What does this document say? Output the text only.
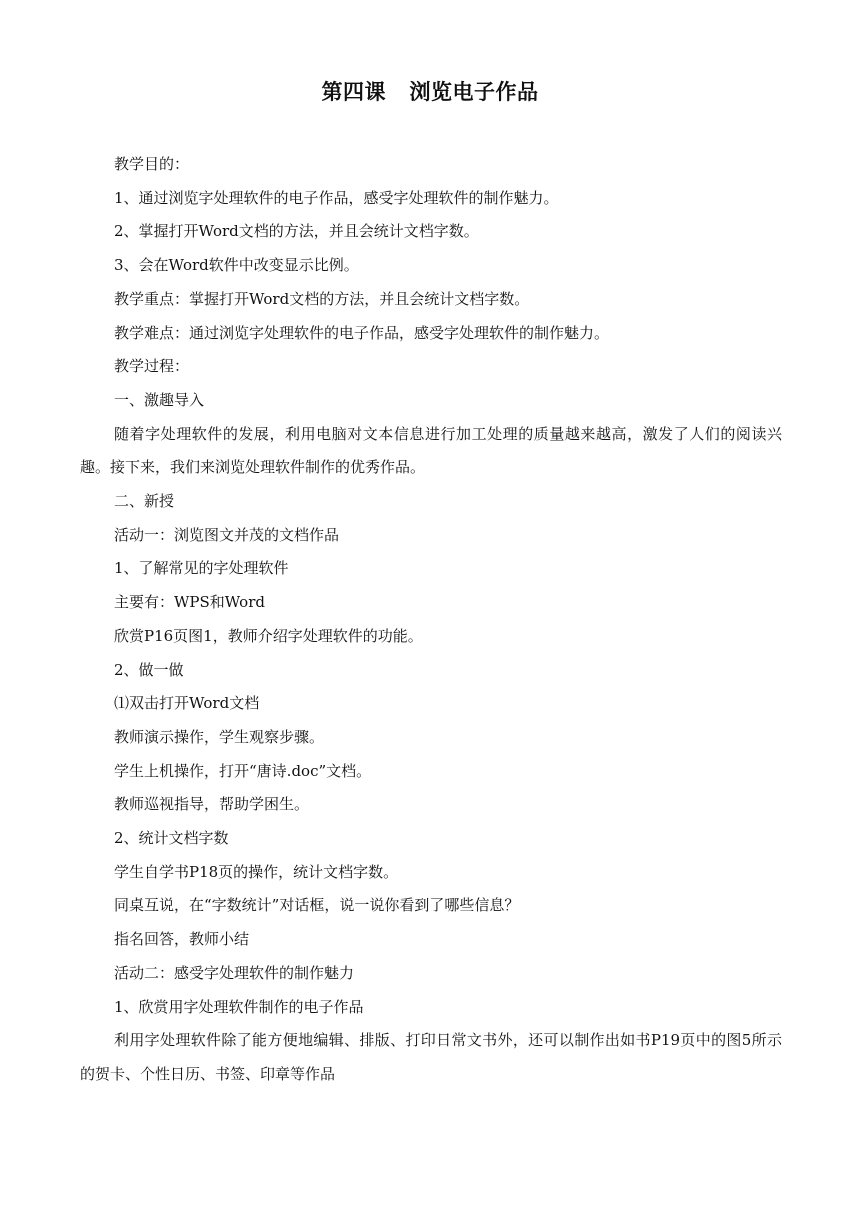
第四课   浏览电子作品

教学目的：

1、通过浏览字处理软件的电子作品，感受字处理软件的制作魅力。

2、掌握打开Word文档的方法，并且会统计文档字数。

3、会在Word软件中改变显示比例。

教学重点：掌握打开Word文档的方法，并且会统计文档字数。

教学难点：通过浏览字处理软件的电子作品，感受字处理软件的制作魅力。

教学过程：

一、激趣导入

随着字处理软件的发展，利用电脑对文本信息进行加工处理的质量越来越高，激发了人们的阅读兴趣。接下来，我们来浏览处理软件制作的优秀作品。

二、新授

活动一：浏览图文并茂的文档作品

1、了解常见的字处理软件

主要有：WPS和Word

欣赏P16页图1，教师介绍字处理软件的功能。

2、做一做

⑴双击打开Word文档

教师演示操作，学生观察步骤。

学生上机操作，打开“唐诗.doc”文档。

教师巡视指导，帮助学困生。

2、统计文档字数

学生自学书P18页的操作，统计文档字数。

同桌互说，在“字数统计”对话框，说一说你看到了哪些信息？

指名回答，教师小结

活动二：感受字处理软件的制作魅力

1、欣赏用字处理软件制作的电子作品

利用字处理软件除了能方便地编辑、排版、打印日常文书外，还可以制作出如书P19页中的图5所示的贺卡、个性日历、书签、印章等作品
